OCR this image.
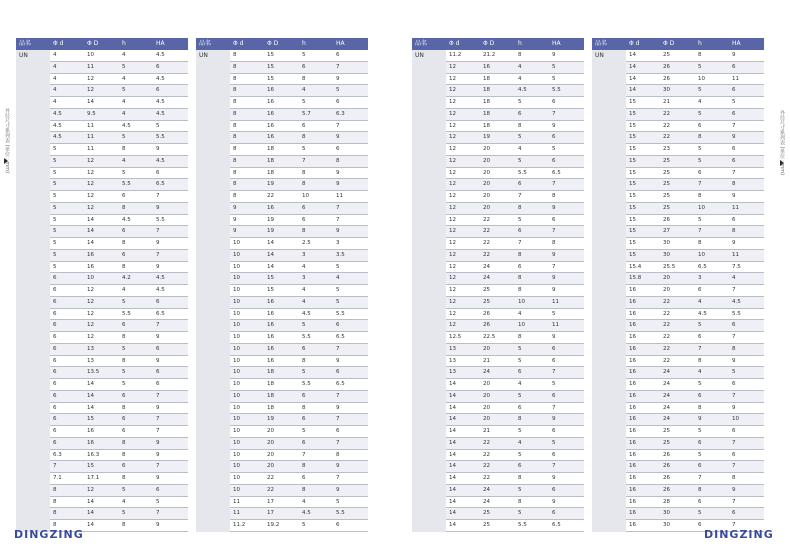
外径尺寸系列表 (单位 : mm)	外径尺寸系列表 (单位 : mm)
品名	Φ d	Φ D	h	HA
UN	4	10	4	4.5
4	11	5	6
4	12	4	4.5
4	12	5	6
4	14	4	4.5
4.5	9.5	4	4.5
4.5	11	4.5	5
4.5	11	5	5.5
5	11	8	9
5	12	4	4.5
5	12	5	6
5	12	5.5	6.5
5	12	6	7
5	12	8	9
5	14	4.5	5.5
5	14	6	7
5	14	8	9
5	16	6	7
5	16	8	9
6	10	4.2	4.5
6	12	4	4.5
6	12	5	6
6	12	5.5	6.5
6	12	6	7
6	12	8	9
6	13	5	6
6	13	8	9
6	13.5	5	6
6	14	5	6
6	14	6	7
6	14	8	9
6	15	6	7
6	16	6	7
6	16	8	9
6.3	16.3	8	9
7	15	6	7
7.1	17.1	8	9
8	12	5	6
8	14	4	5
8	14	5	7
8	14	8	9
品名	Φ d	Φ D	h	HA
UN	8	15	5	6
8	15	6	7
8	15	8	9
8	16	4	5
8	16	5	6
8	16	5.7	6.3
8	16	6	7
8	16	8	9
8	18	5	6
8	18	7	8
8	18	8	9
8	19	8	9
8	22	10	11
9	16	6	7
9	19	6	7
9	19	8	9
10	14	2.5	3
10	14	3	3.5
10	14	4	5
10	15	3	4
10	15	4	5
10	16	4	5
10	16	4.5	5.5
10	16	5	6
10	16	5.5	6.5
10	16	6	7
10	16	8	9
10	18	5	6
10	18	5.5	6.5
10	18	6	7
10	18	8	9
10	19	6	7
10	20	5	6
10	20	6	7
10	20	7	8
10	20	8	9
10	22	6	7
10	22	8	9
11	17	4	5
11	17	4.5	5.5
11.2	19.2	5	6
品名	Φ d	Φ D	h	HA
UN	11.2	21.2	8	9
12	16	4	5
12	18	4	5
12	18	4.5	5.5
12	18	5	6
12	18	6	7
12	18	8	9
12	19	5	6
12	20	4	5
12	20	5	6
12	20	5.5	6.5
12	20	6	7
12	20	7	8
12	20	8	9
12	22	5	6
12	22	6	7
12	22	7	8
12	22	8	9
12	24	6	7
12	24	8	9
12	25	8	9
12	25	10	11
12	26	4	5
12	26	10	11
12.5	22.5	8	9
13	20	5	6
13	21	5	6
13	24	6	7
14	20	4	5
14	20	5	6
14	20	6	7
14	20	8	9
14	21	5	6
14	22	4	5
14	22	5	6
14	22	6	7
14	22	8	9
14	24	5	6
14	24	8	9
14	25	5	6
14	25	5.5	6.5
品名	Φ d	Φ D	h	HA
UN	14	25	8	9
14	26	5	6
14	26	10	11
14	30	5	6
15	21	4	5
15	22	5	6
15	22	6	7
15	22	8	9
15	23	5	6
15	25	5	6
15	25	6	7
15	25	7	8
15	25	8	9
15	25	10	11
15	26	5	6
15	27	7	8
15	30	8	9
15	30	10	11
15.4	25.5	6.5	7.5
15.8	20	3	4
16	20	6	7
16	22	4	4.5
16	22	4.5	5.5
16	22	5	6
16	22	6	7
16	22	7	8
16	22	8	9
16	24	4	5
16	24	5	6
16	24	6	7
16	24	8	9
16	24	9	10
16	25	5	6
16	25	6	7
16	26	5	6
16	26	6	7
16	26	7	8
16	26	8	9
16	28	6	7
16	30	5	6
16	30	6	7
DINGZING	DINGZING
